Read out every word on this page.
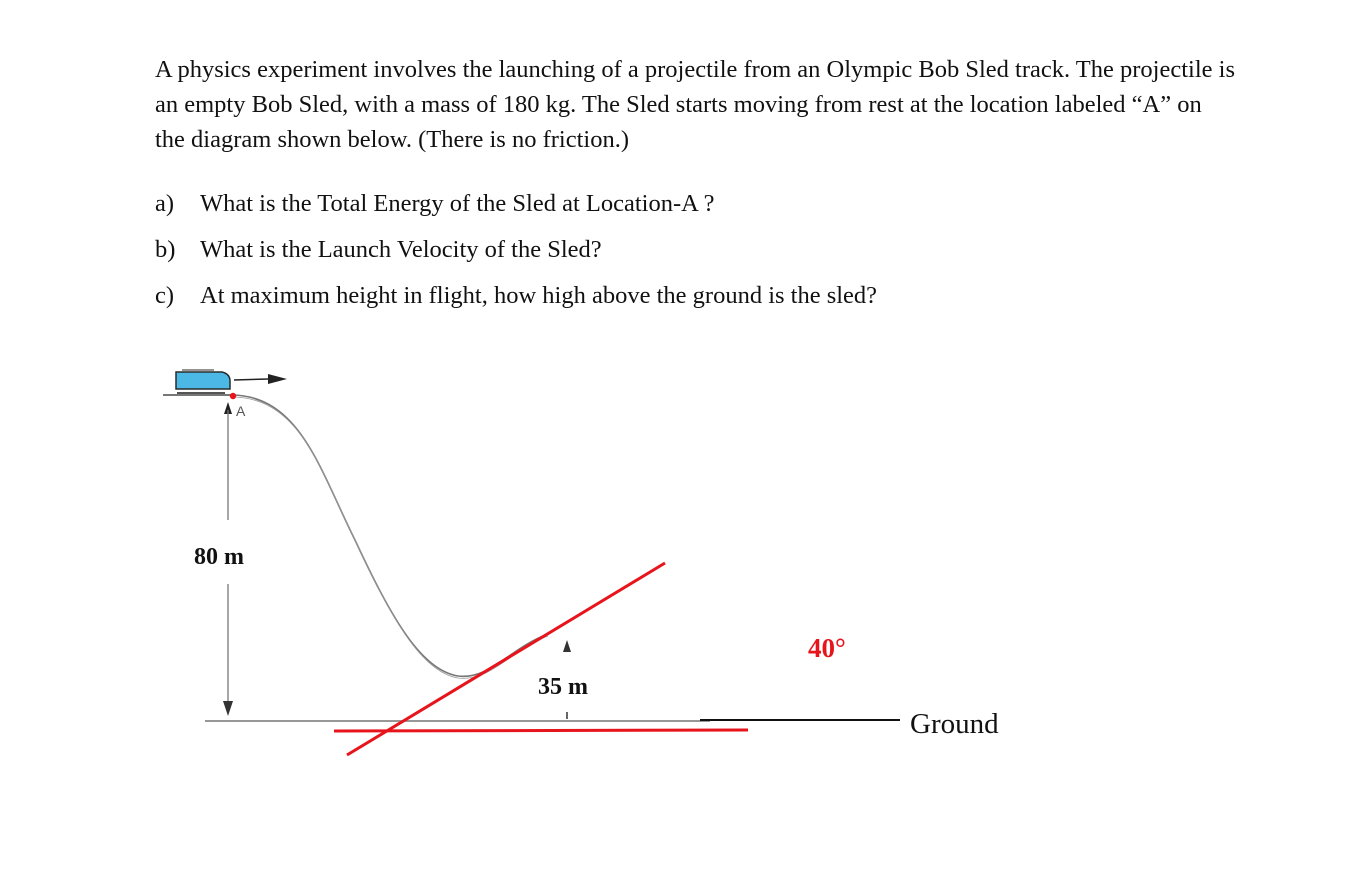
A physics experiment involves the launching of a projectile from an Olympic Bob Sled track. The projectile is an empty Bob Sled, with a mass of 180 kg. The Sled starts moving from rest at the location labeled “A” on the diagram shown below. (There is no friction.)

a) What is the Total Energy of the Sled at Location-A ?
b) What is the Launch Velocity of the Sled?
c) At maximum height in flight, how high above the ground is the sled?
A
80 m
35 m
40°
Ground
